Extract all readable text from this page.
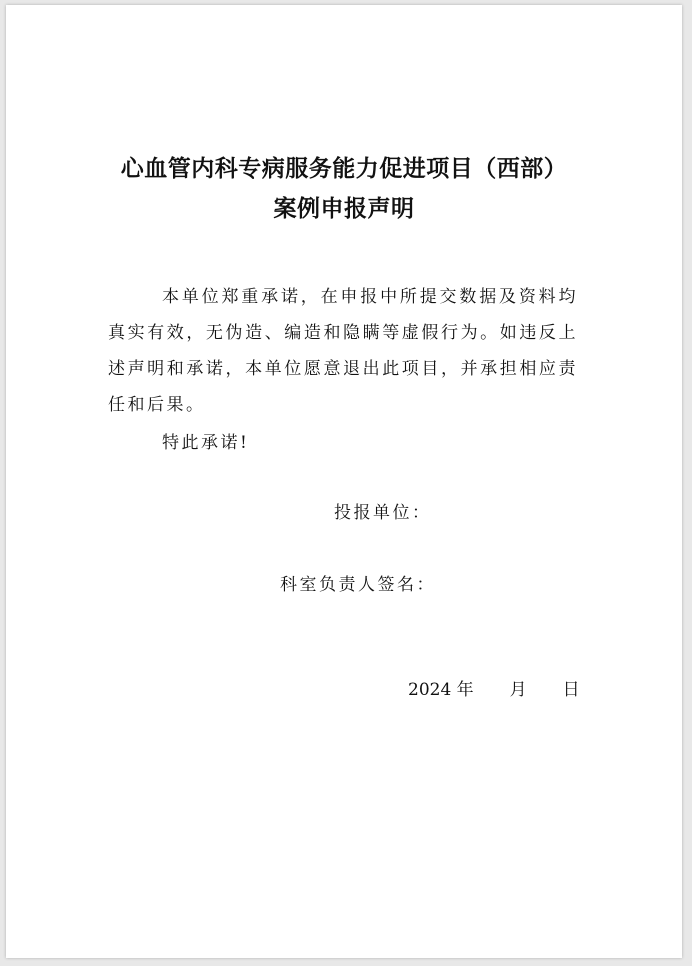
心血管内科专病服务能力促进项目（西部）
案例申报声明
本单位郑重承诺，在申报中所提交数据及资料均真实有效，无伪造、编造和隐瞒等虚假行为。如违反上述声明和承诺，本单位愿意退出此项目，并承担相应责任和后果。
特此承诺!
投报单位：
科室负责人签名：
2024 年 月 日
